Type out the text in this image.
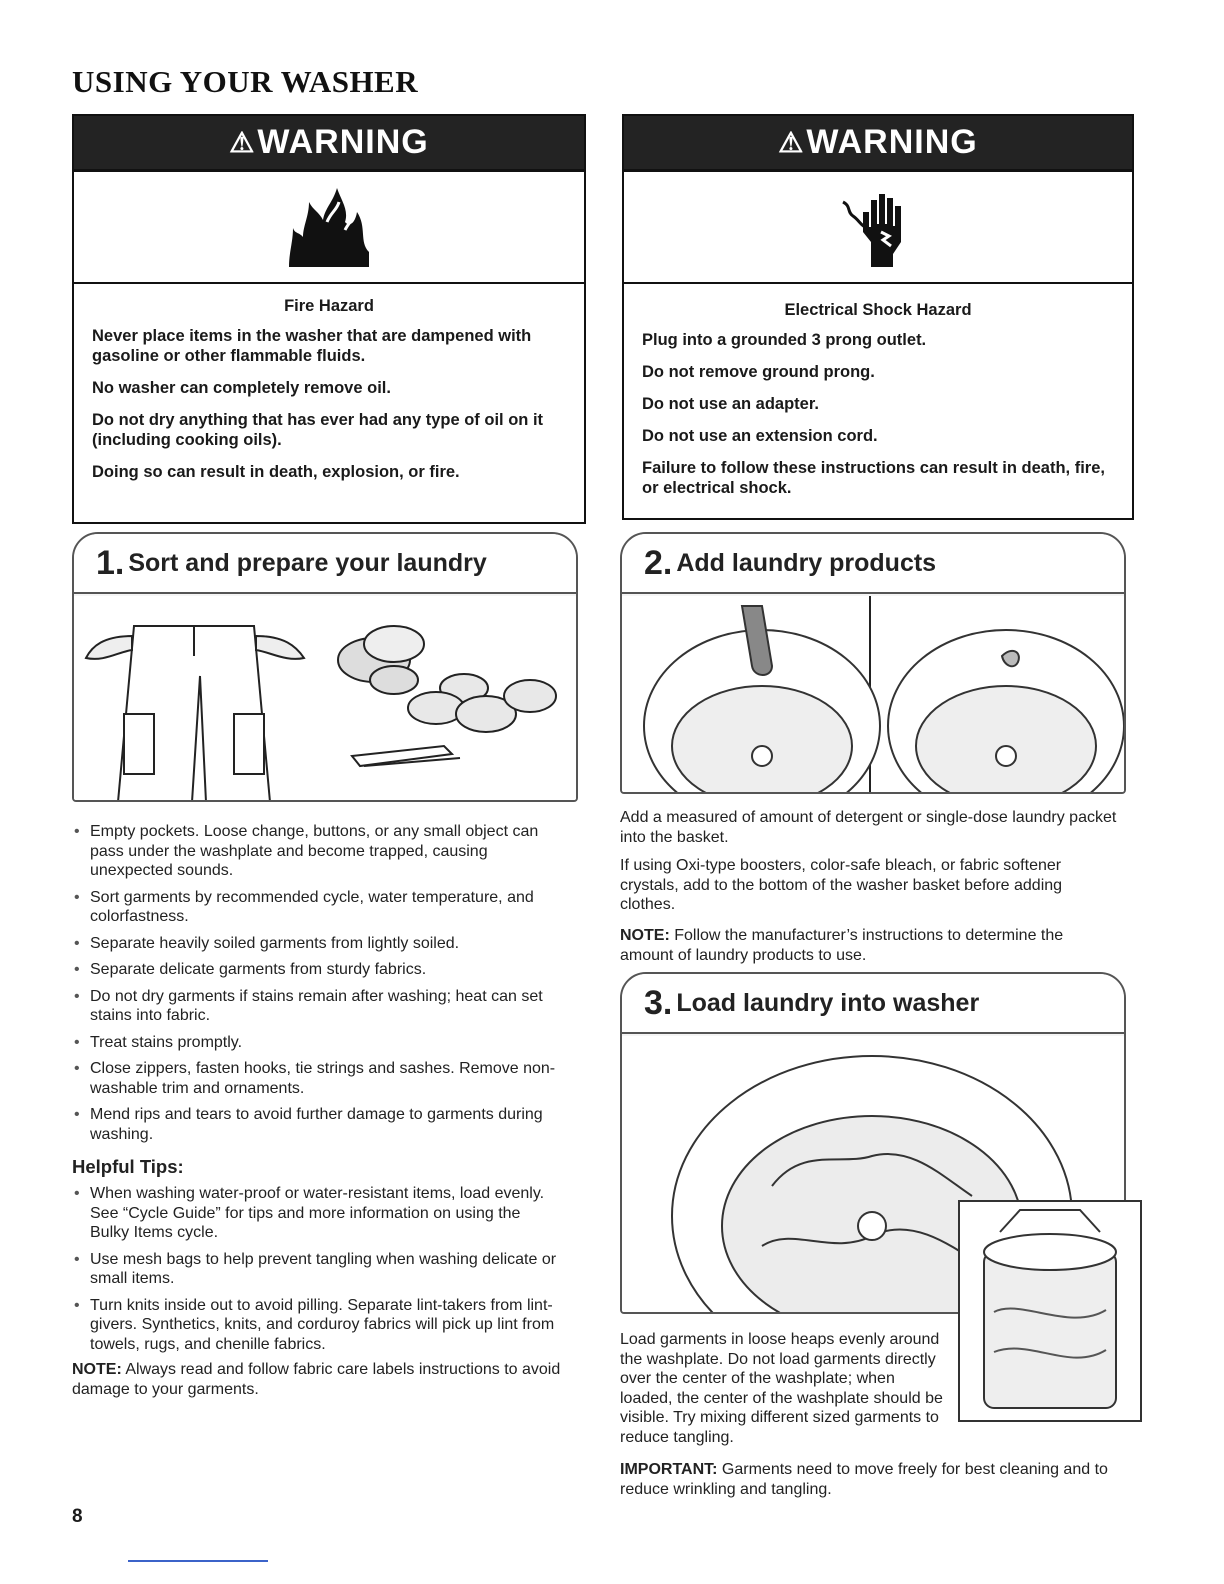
USING YOUR WASHER
⚠ WARNING
Fire Hazard

Never place items in the washer that are dampened with gasoline or other flammable fluids.

No washer can completely remove oil.

Do not dry anything that has ever had any type of oil on it (including cooking oils).

Doing so can result in death, explosion, or fire.

⚠ WARNING
Electrical Shock Hazard

Plug into a grounded 3 prong outlet.

Do not remove ground prong.

Do not use an adapter.

Do not use an extension cord.

Failure to follow these instructions can result in death, fire, or electrical shock.

1. Sort and prepare your laundry
• Empty pockets. Loose change, buttons, or any small object can pass under the washplate and become trapped, causing unexpected sounds.
• Sort garments by recommended cycle, water temperature, and colorfastness.
• Separate heavily soiled garments from lightly soiled.
• Separate delicate garments from sturdy fabrics.
• Do not dry garments if stains remain after washing; heat can set stains into fabric.
• Treat stains promptly.
• Close zippers, fasten hooks, tie strings and sashes. Remove non-washable trim and ornaments.
• Mend rips and tears to avoid further damage to garments during washing.
Helpful Tips:
• When washing water-proof or water-resistant items, load evenly. See “Cycle Guide” for tips and more information on using the Bulky Items cycle.
• Use mesh bags to help prevent tangling when washing delicate or small items.
• Turn knits inside out to avoid pilling. Separate lint-takers from lint-givers. Synthetics, knits, and corduroy fabrics will pick up lint from towels, rugs, and chenille fabrics.
NOTE: Always read and follow fabric care labels instructions to avoid damage to your garments.
2. Add laundry products
Add a measured of amount of detergent or single-dose laundry packet into the basket.
If using Oxi-type boosters, color-safe bleach, or fabric softener crystals, add to the bottom of the washer basket before adding clothes.
NOTE: Follow the manufacturer’s instructions to determine the amount of laundry products to use.
3. Load laundry into washer
Load garments in loose heaps evenly around the washplate. Do not load garments directly over the center of the washplate; when loaded, the center of the washplate should be visible. Try mixing different sized garments to reduce tangling.
IMPORTANT: Garments need to move freely for best cleaning and to reduce wrinkling and tangling.
8
